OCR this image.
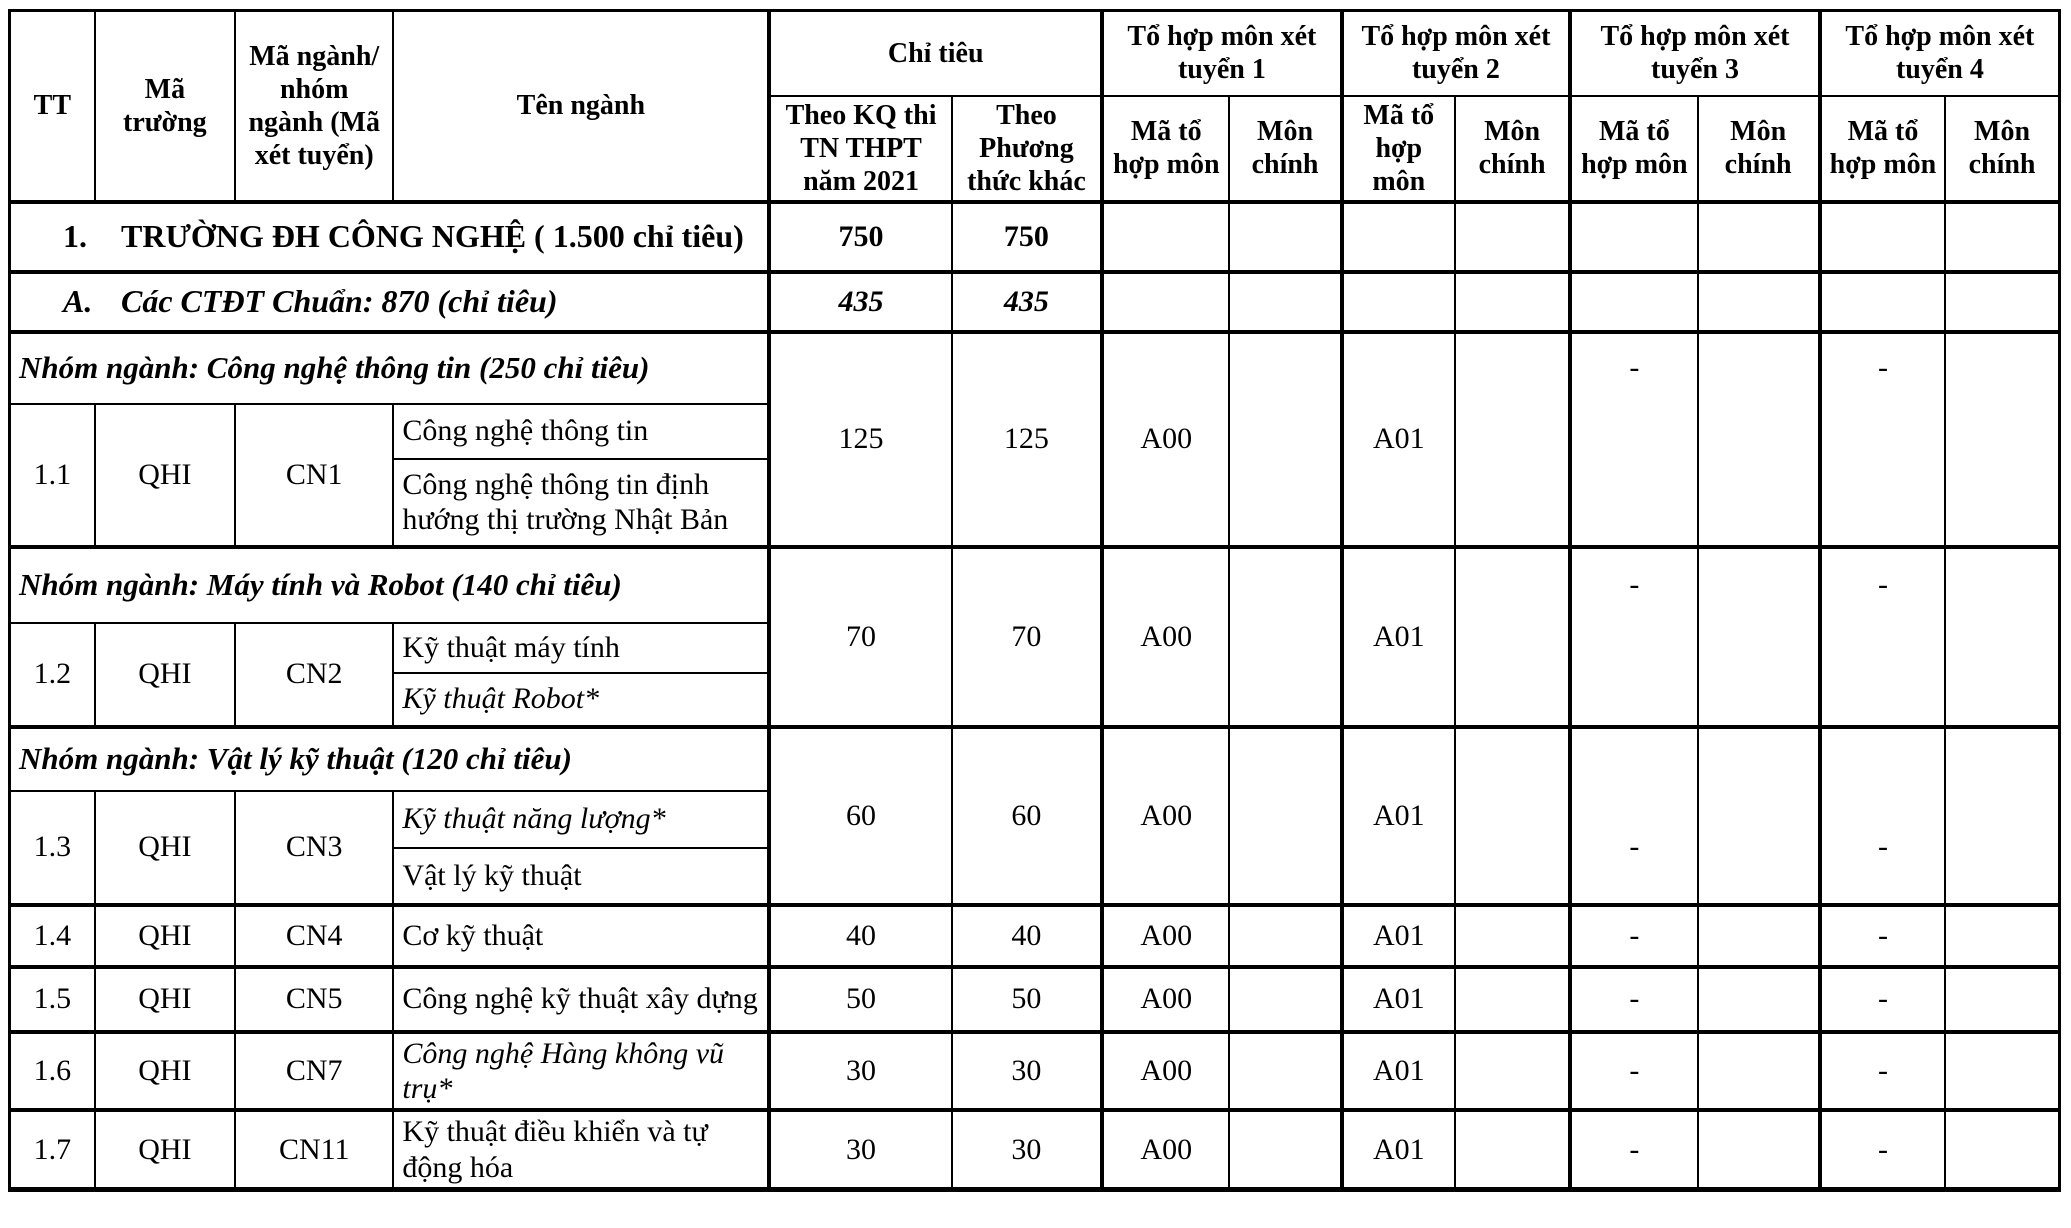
TT	Mã trường	Mã ngành/ nhóm ngành (Mã xét tuyển)	Tên ngành	Chỉ tiêu		Tổ hợp môn xét tuyển 1		Tổ hợp môn xét tuyển 2		Tổ hợp môn xét tuyển 3		Tổ hợp môn xét tuyển 4	
				Theo KQ thi TN THPT năm 2021	Theo Phương thức khác	Mã tổ hợp môn	Môn chính	Mã tổ hợp môn	Môn chính	Mã tổ hợp môn	Môn chính	Mã tổ hợp môn	Môn chính
1. TRƯỜNG ĐH CÔNG NGHỆ ( 1.500 chỉ tiêu)				750	750								
A. Các CTĐT Chuẩn: 870 (chỉ tiêu)				435	435								
Nhóm ngành: Công nghệ thông tin (250 chỉ tiêu)				125	125	A00		A01		-		-	

1.1	QHI	CN1	Công nghệ thông tin										
			Công nghệ thông tin định hướng thị trường Nhật Bản										
Nhóm ngành: Máy tính và Robot (140 chỉ tiêu)				70	70	A00		A01		-		-	

1.2	QHI	CN2	Kỹ thuật máy tính										
			Kỹ thuật Robot*										
Nhóm ngành: Vật lý kỹ thuật (120 chỉ tiêu)				60	60	A00		A01		-		-	

1.3	QHI	CN3	Kỹ thuật năng lượng*										
			Vật lý kỹ thuật										
1.4	QHI	CN4	Cơ kỹ thuật	40	40	A00		A01		-		-	
1.5	QHI	CN5	Công nghệ kỹ thuật xây dựng	50	50	A00		A01		-		-	
1.6	QHI	CN7	Công nghệ Hàng không vũ trụ*	30	30	A00		A01		-		-	
1.7	QHI	CN11	Kỹ thuật điều khiển và tự động hóa	30	30	A00		A01		-		-	
